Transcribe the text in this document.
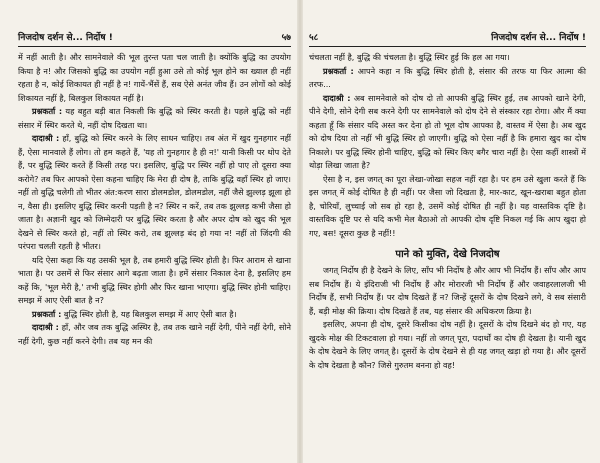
निजदोष दर्शन से... निर्दोष !	५७

में नहीं आती है। और सामनेवाले की भूल तुरन्त पता चल जाती है। क्योंकि बुद्धि का उपयोग किया है न! और जिसको बुद्धि का उपयोग नहीं हुआ उसे तो कोई भूल होने का ख्याल ही नहीं रहता है न, कोई शिकायत ही नहीं है न! गायें-भैंसें हैं, सब ऐसे अनंत जीव हैं। उन लोगों को कोई शिकायत नहीं है, बिलकुल शिकायत नहीं है।

प्रश्नकर्ता : यह बहुत बड़ी बात निकली कि बुद्धि को स्थिर करती है। पहले बुद्धि को नहीं संसार में स्थिर करते थे, नहीं दोष दिखता था।

दादाश्री : हाँ, बुद्धि को स्थिर करने के लिए साधन चाहिए। तब अंत में खुद गुनहगार नहीं हैं, ऐसा मानवाले हैं लोग। तो हम कहते हैं, 'यह तो गुनहगार है ही न!' यानी किसी पर थोप देते हैं, पर बुद्धि स्थिर करते हैं किसी तरह पर। इसलिए, बुद्धि पर स्थिर नहीं हो पाए तो दूसरा क्या करोगे? तब फिर आपको ऐसा कहना चाहिए कि मेरा ही दोष है, ताकि बुद्धि वहाँ स्थिर हो जाए। नहीं तो बुद्धि चलेगी तो भीतर अंत:करण सारा डोलमडोल, डोलमडोल, नहीं जैसे झुल्लड़ झूला हो न, वैसा ही। इसलिए बुद्धि स्थिर करनी पड़ती है न? स्थिर न करें, तब तक झुल्लड़ कभी जैसा हो जाता है। अज्ञानी खुद को जिम्मेदारी पर बुद्धि स्थिर करता है और अपर दोष को खुद की भूल देखने से स्थिर करते हो, नहीं तो स्थिर करो, तब झुल्लड़ बंद हो गया न! नहीं तो जिंदगी की परंपरा चलती रहती है भीतर।

यदि ऐसा कहा कि यह उसकी भूल है, तब हमारी बुद्धि स्थिर होती है। फिर आराम से खाना भाता है। पर उसमें से फिर संसार आगे बढ़ता जाता है। हमें संसार निकाल देना है, इसलिए हम कहें कि, 'भूल मेरी है,' तभी बुद्धि स्थिर होगी और फिर खाना भाएगा। बुद्धि स्थिर होनी चाहिए। समझ में आए ऐसी बात है न?

प्रश्नकर्ता : बुद्धि स्थिर होती है, यह बिलकुल समझ में आए ऐसी बात है।

दादाश्री : हाँ, और जब तक बुद्धि अस्थिर है, तब तक खाने नहीं देगी, पीने नहीं देगी, सोने नहीं देगी, कुछ नहीं करने देगी। तब यह मन की

५८	निजदोष दर्शन से... निर्दोष !

चंचलता नहीं है, बुद्धि की चंचलता है। बुद्धि स्थिर हुई कि हल आ गया।

प्रश्नकर्ता : आपने कहा न कि बुद्धि स्थिर होती है, संसार की तरफ या फिर आत्मा की तरफ...

दादाश्री : अब सामनेवाले को दोष दो तो आपकी बुद्धि स्थिर हुई, तब आपको खाने देगी, पीने देगी, सोने देगी सब करने देगी पर सामनेवाले को दोष देने से संस्कार रहा रोगा। और मैं क्या कहता हूँ कि संसार यदि अस्त कर देना हो तो भूल दोष आपका है, वास्तव में ऐसा है। अब खुद को दोष दिया तो नहीं भी बुद्धि स्थिर हो जाएगी। बुद्धि को ऐसा नहीं है कि हमारा खुद का दोष निकाले। पर बुद्धि स्थिर होनी चाहिए, बुद्धि को स्थिर किए बगैर चारा नहीं है। ऐसा कहीं शास्त्रों में थोड़ा लिखा जाता है?

ऐसा है न, इस जगत् का पूरा लेखा-जोखा सहज नहीं रहा है। पर हम उसे खुला करते हैं कि इस जगत् में कोई दोषित है ही नहीं। पर जैसा जो दिखता है, मार-काट, खून-खराबा बहुत होता है, चोरियाँ, लुच्चाई जो सब हो रहा है, उसमें कोई दोषित ही नहीं है। यह वास्तविक दृष्टि है। वास्तविक दृष्टि पर से यदि कभी मेल बैठाओ तो आपकी दोष दृष्टि निकल गई कि आप खुदा हो गए, बस! दूसरा कुछ है नहीं!!

पाने को मुक्ति, देखे निजदोष

जगत् निर्दोष ही है देखने के लिए, साँप भी निर्दोष है और आप भी निर्दोष हैं। साँप और आप सब निर्दोष हैं। ये इंदिराजी भी निर्दोष हैं और मोरारजी भी निर्दोष हैं और जवाहरलालजी भी निर्दोष हैं, सभी निर्दोष हैं। पर दोष दिखते हैं न? जिन्हें दूसरों के दोष दिखने लगे, वे सब संसारी हैं, बड़ी मोक्ष की क्रिया। दोष दिखते हैं तब, यह संसार की अधिकरण क्रिया है।

इसलिए, अपना ही दोष, दूसरे किसीका दोष नहीं है। दूसरों के दोष दिखने बंद हो गए, यह खुदके मोक्ष की टिकटवाला हो गया। नहीं तो जगत् पूरा, पदार्थों का दोष ही देखता है। यानी खुद के दोष देखने के लिए जगत् है। दूसरों के दोष देखने से ही यह जगत् खड़ा हो गया है। और दूसरों के दोष देखता है कौन? जिसे गुरुतम बनना हो वह!
